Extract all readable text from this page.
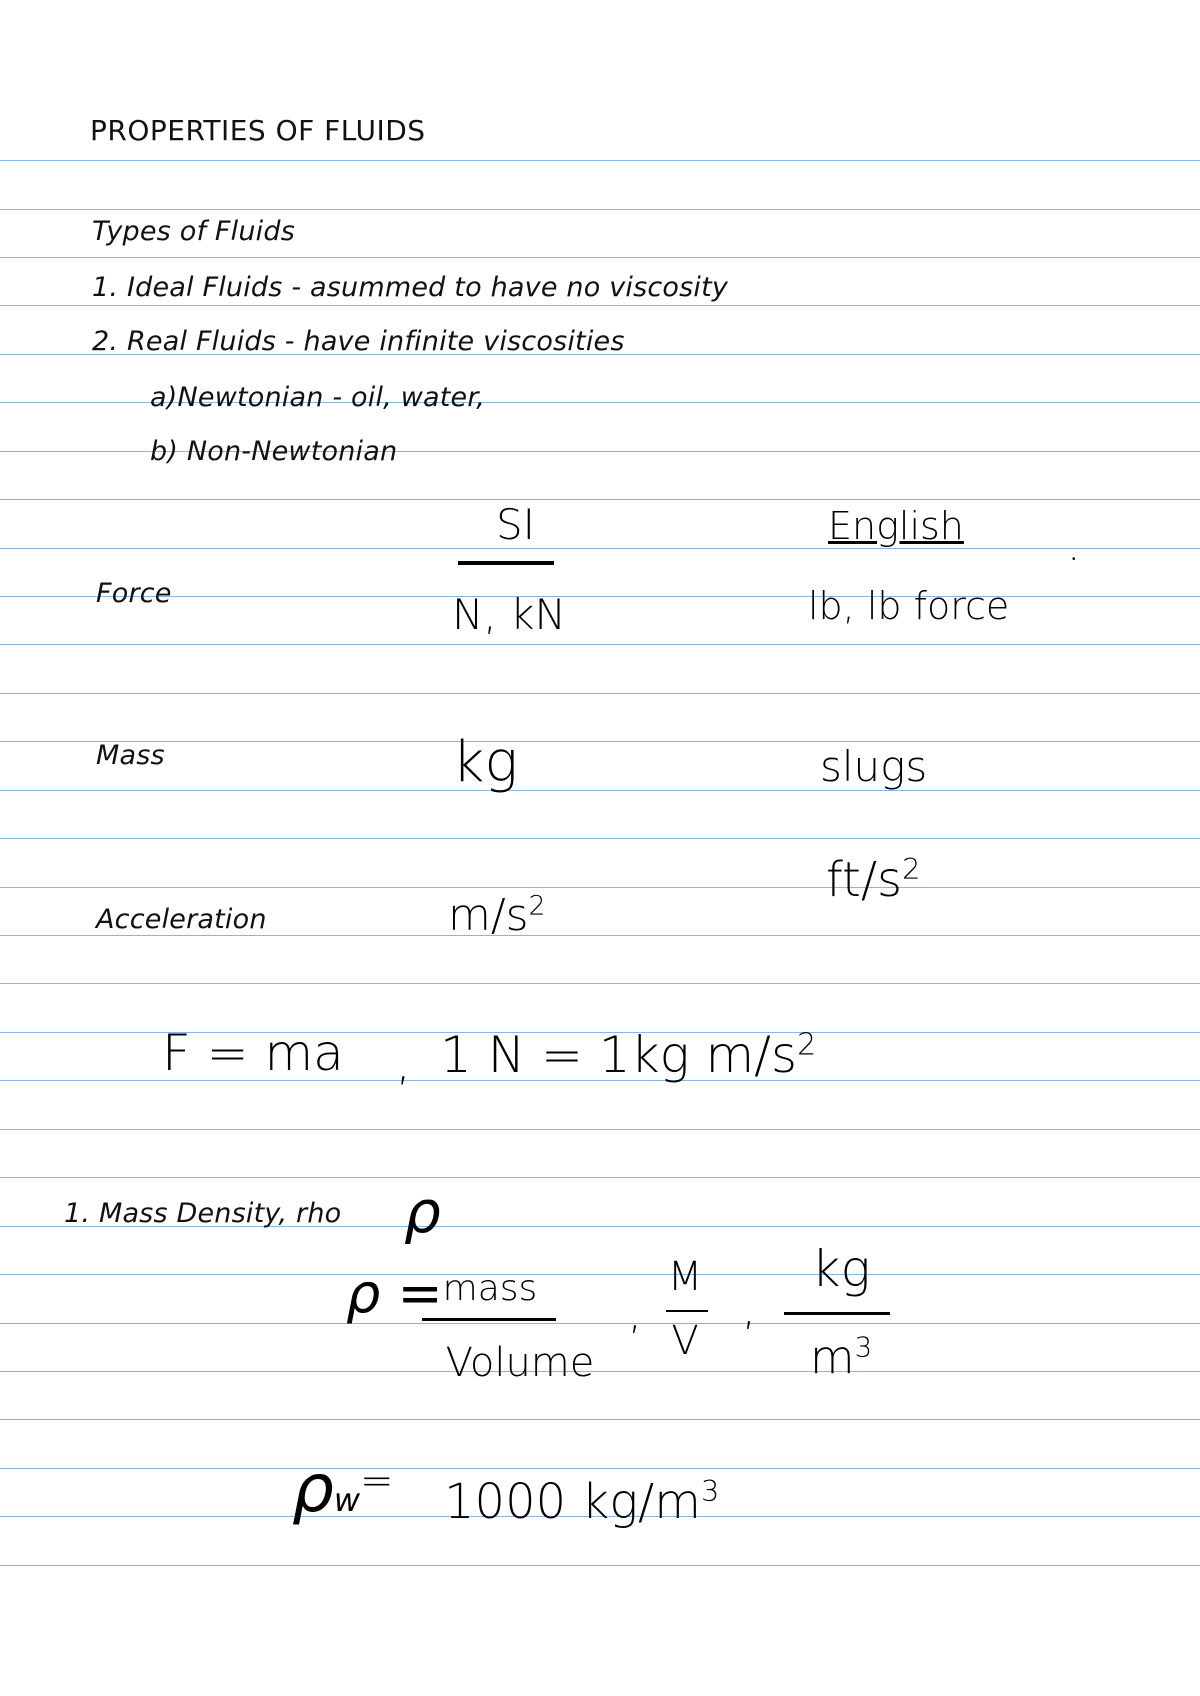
PROPERTIES OF FLUIDS
Types of Fluids
1. Ideal Fluids - asummed to have no viscosity
2. Real Fluids - have infinite viscosities
a)Newtonian - oil, water,
b) Non-Newtonian
SI	English
•
Force	N, kN	lb, lb force
Mass	kg	slugs
Acceleration	$m/s^2$	$ft/s^2$
F = ma , 1 N = 1kg $m/s^2$
1. Mass Density, rho ρ
ρ = mass
Volume
,
M
V
,
kg
$m^3$
ρw = 1000 $kg/m^3$
